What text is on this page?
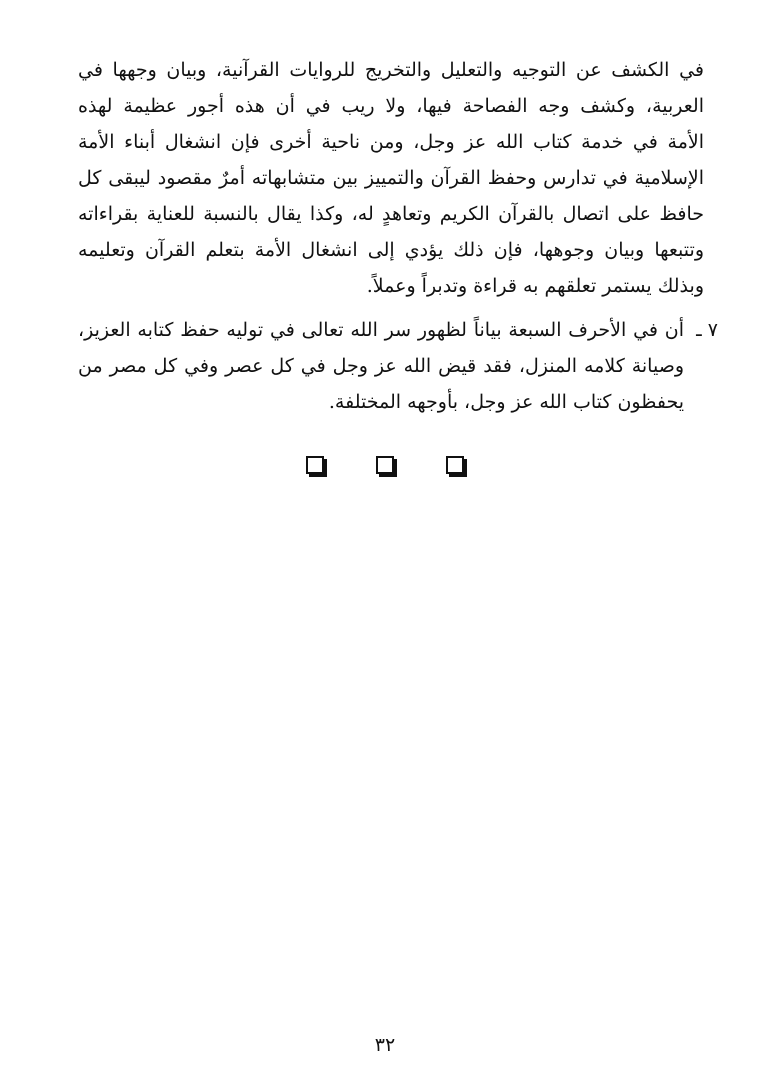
في الكشف عن التوجيه والتعليل والتخريج للروايات القرآنية، وبيان وجهها في
العربية، وكشف وجه الفصاحة فيها، ولا ريب في أن هذه أجور عظيمة لهذه
الأمة في خدمة كتاب الله عز وجل، ومن ناحية أخرى فإن انشغال أبناء الأمة
الإسلامية في تدارس وحفظ القرآن والتمييز بين متشابهاته أمرٌ مقصود ليبقى كل
حافظ على اتصال بالقرآن الكريم وتعاهدٍ له، وكذا يقال بالنسبة للعناية بقراءاته
وتتبعها وبيان وجوهها، فإن ذلك يؤدي إلى انشغال الأمة بتعلم القرآن وتعليمه
وبذلك يستمر تعلقهم به قراءة وتدبراً وعملاً.
٧ ـ
أن في الأحرف السبعة بياناً لظهور سر الله تعالى في توليه حفظ كتابه العزيز،
وصيانة كلامه المنزل، فقد قيض الله عز وجل في كل عصر وفي كل مصر من
يحفظون كتاب الله عز وجل، بأوجهه المختلفة.
٣٢
